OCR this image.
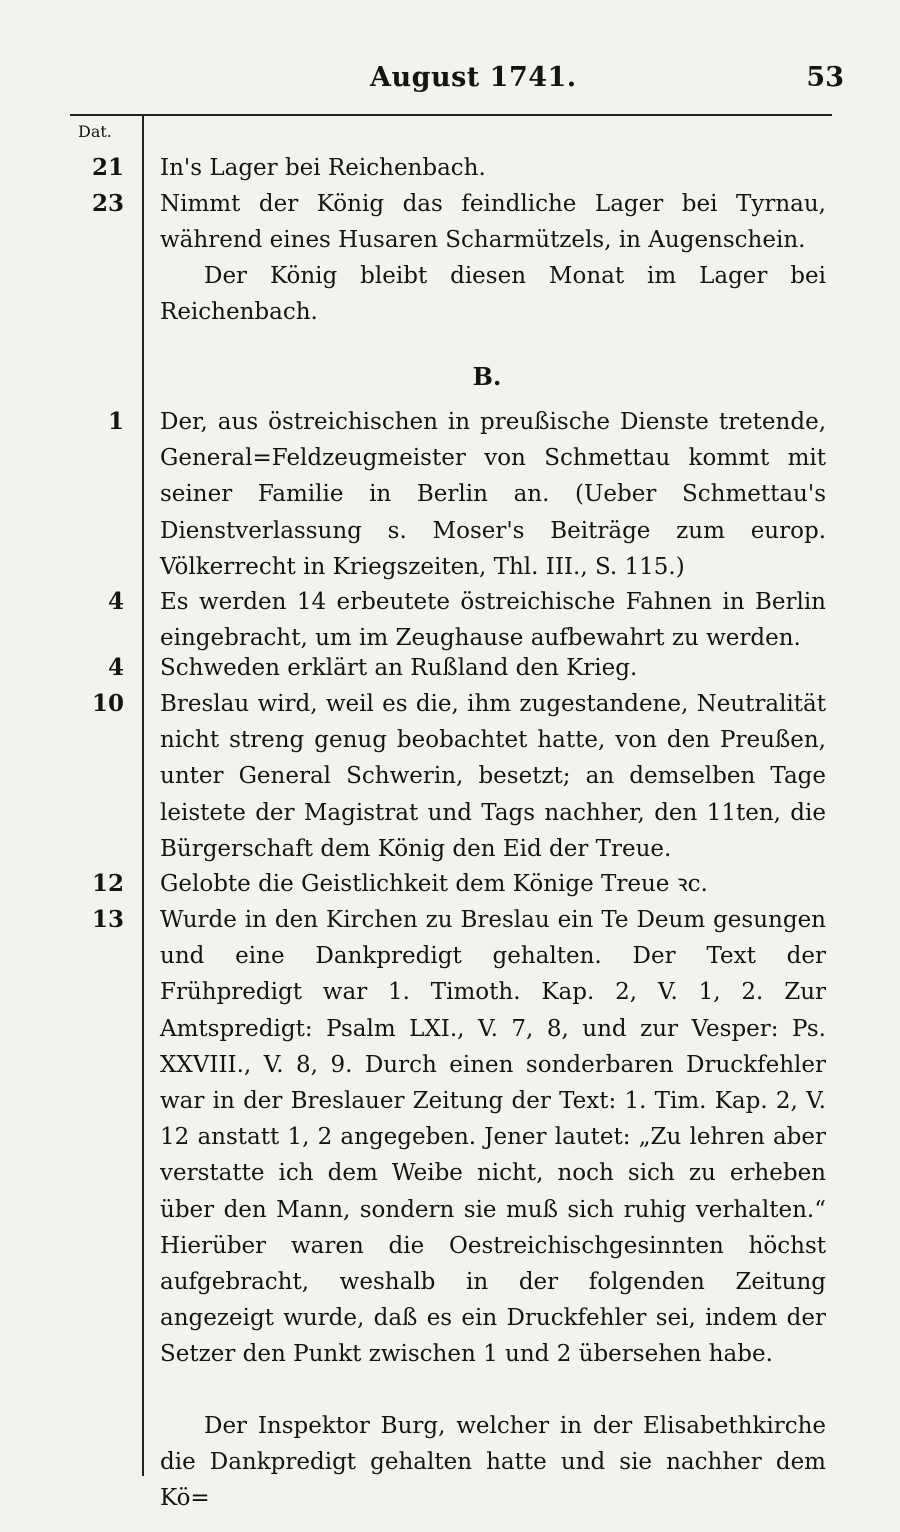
August 1741.	53
Dat.
21 In's Lager bei Reichenbach.
23 Nimmt der König das feindliche Lager bei Tyrnau, während eines Husaren Scharmützels, in Augenschein.
Der König bleibt diesen Monat im Lager bei Reichenbach.
B.
1 Der, aus östreichischen in preußische Dienste tretende, General=Feldzeugmeister von Schmettau kommt mit seiner Familie in Berlin an. (Ueber Schmettau's Dienstverlassung s. Moser's Beiträge zum europ. Völkerrecht in Kriegszeiten, Thl. III., S. 115.)
4 Es werden 14 erbeutete östreichische Fahnen in Berlin eingebracht, um im Zeughause aufbewahrt zu werden.
4 Schweden erklärt an Rußland den Krieg.
10 Breslau wird, weil es die, ihm zugestandene, Neutralität nicht streng genug beobachtet hatte, von den Preußen, unter General Schwerin, besetzt; an demselben Tage leistete der Magistrat und Tags nachher, den 11ten, die Bürgerschaft dem König den Eid der Treue.
12 Gelobte die Geistlichkeit dem Könige Treue ꝛc.
13 Wurde in den Kirchen zu Breslau ein Te Deum gesungen und eine Dankpredigt gehalten. Der Text der Frühpredigt war 1. Timoth. Kap. 2, V. 1, 2. Zur Amtspredigt: Psalm LXI., V. 7, 8, und zur Vesper: Ps. XXVIII., V. 8, 9. Durch einen sonderbaren Druckfehler war in der Breslauer Zeitung der Text: 1. Tim. Kap. 2, V. 12 anstatt 1, 2 angegeben. Jener lautet: „Zu lehren aber verstatte ich dem Weibe nicht, noch sich zu erheben über den Mann, sondern sie muß sich ruhig verhalten.“ Hierüber waren die Oestreichischgesinnten höchst aufgebracht, weshalb in der folgenden Zeitung angezeigt wurde, daß es ein Druckfehler sei, indem der Setzer den Punkt zwischen 1 und 2 übersehen habe.
Der Inspektor Burg, welcher in der Elisabethkirche die Dankpredigt gehalten hatte und sie nachher dem Kö=
